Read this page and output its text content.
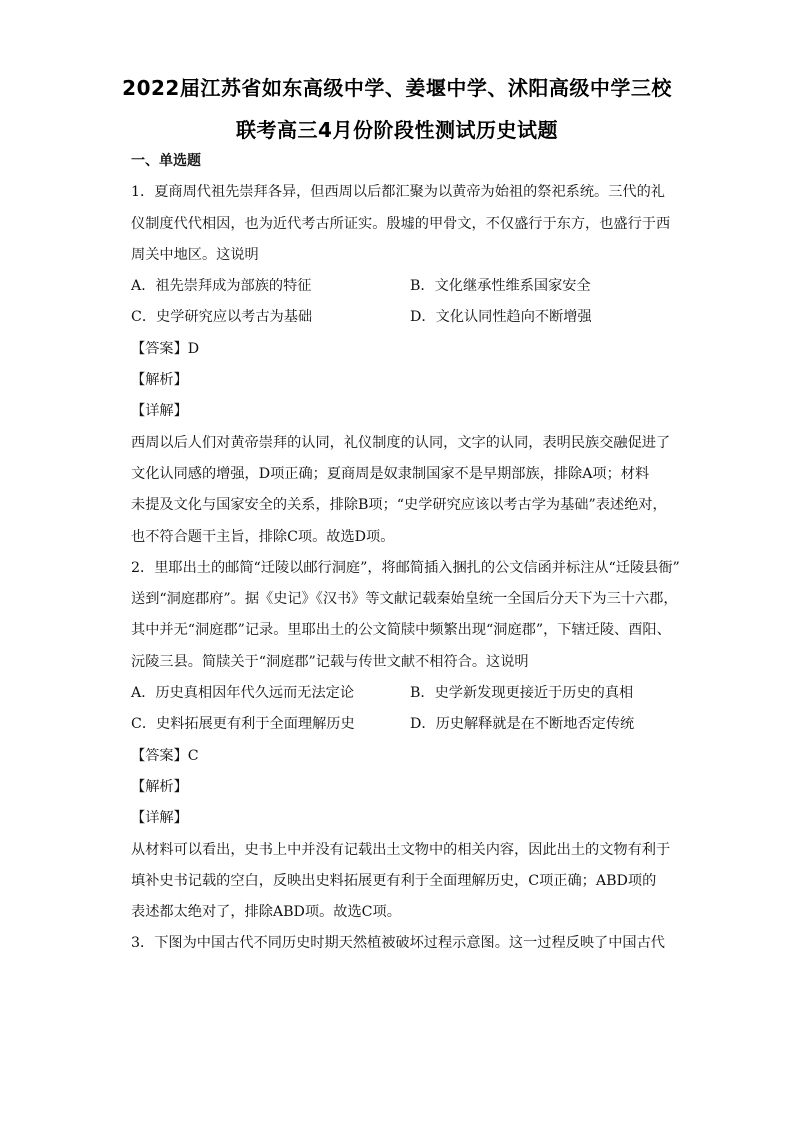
2022届江苏省如东高级中学、姜堰中学、沭阳高级中学三校
联考高三4月份阶段性测试历史试题
一、单选题
1．夏商周代祖先崇拜各异，但西周以后都汇聚为以黄帝为始祖的祭祀系统。三代的礼
仪制度代代相因，也为近代考古所证实。殷墟的甲骨文，不仅盛行于东方，也盛行于西
周关中地区。这说明
A．祖先崇拜成为部族的特征	B．文化继承性维系国家安全
C．史学研究应以考古为基础	D．文化认同性趋向不断增强
【答案】D
【解析】
【详解】
西周以后人们对黄帝崇拜的认同，礼仪制度的认同，文字的认同，表明民族交融促进了
文化认同感的增强，D项正确；夏商周是奴隶制国家不是早期部族，排除A项；材料
未提及文化与国家安全的关系，排除B项；“史学研究应该以考古学为基础”表述绝对，
也不符合题干主旨，排除C项。故选D项。
2．里耶出土的邮简“迁陵以邮行洞庭”，将邮简插入捆扎的公文信函并标注从“迁陵县衙”
送到“洞庭郡府”。据《史记》《汉书》等文献记载秦始皇统一全国后分天下为三十六郡，
其中并无“洞庭郡”记录。里耶出土的公文简牍中频繁出现“洞庭郡”，下辖迁陵、酉阳、
沅陵三县。简牍关于“洞庭郡”记载与传世文献不相符合。这说明
A．历史真相因年代久远而无法定论	B．史学新发现更接近于历史的真相
C．史料拓展更有利于全面理解历史	D．历史解释就是在不断地否定传统
【答案】C
【解析】
【详解】
从材料可以看出，史书上中并没有记载出土文物中的相关内容，因此出土的文物有利于
填补史书记载的空白，反映出史料拓展更有利于全面理解历史，C项正确；ABD项的
表述都太绝对了，排除ABD项。故选C项。
3．下图为中国古代不同历史时期天然植被破坏过程示意图。这一过程反映了中国古代
